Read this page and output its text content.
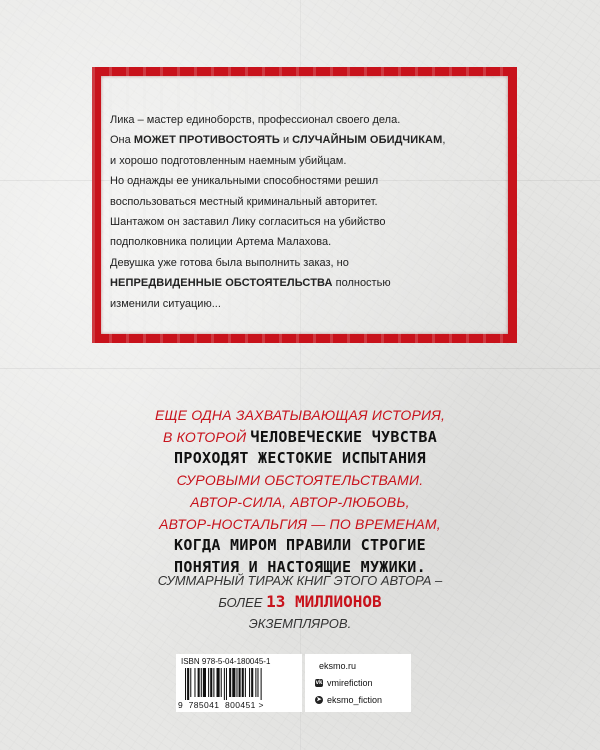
Лика – мастер единоборств, профессионал своего дела.
Она МОЖЕТ ПРОТИВОСТОЯТЬ и СЛУЧАЙНЫМ ОБИДЧИКАМ,
и хорошо подготовленным наемным убийцам.
Но однажды ее уникальными способностями решил
воспользоваться местный криминальный авторитет.
Шантажом он заставил Лику согласиться на убийство
подполковника полиции Артема Малахова.
Девушка уже готова была выполнить заказ, но
НЕПРЕДВИДЕННЫЕ ОБСТОЯТЕЛЬСТВА полностью
изменили ситуацию...
ЕЩЕ ОДНА ЗАХВАТЫВАЮЩАЯ ИСТОРИЯ,
В КОТОРОЙ ЧЕЛОВЕЧЕСКИЕ ЧУВСТВА
ПРОХОДЯТ ЖЕСТОКИЕ ИСПЫТАНИЯ
СУРОВЫМИ ОБСТОЯТЕЛЬСТВАМИ.
АВТОР-СИЛА, АВТОР-ЛЮБОВЬ,
АВТОР-НОСТАЛЬГИЯ — ПО ВРЕМЕНАМ,
КОГДА МИРОМ ПРАВИЛИ СТРОГИЕ
ПОНЯТИЯ И НАСТОЯЩИЕ МУЖИКИ.
СУММАРНЫЙ ТИРАЖ КНИГ ЭТОГО АВТОРА –
БОЛЕЕ 13 МИЛЛИОНОВ
ЭКЗЕМПЛЯРОВ.
ISBN 978-5-04-180045-1
9 785041 800451 >
eksmo.ru
vk vmirefiction
➤ eksmo_fiction
